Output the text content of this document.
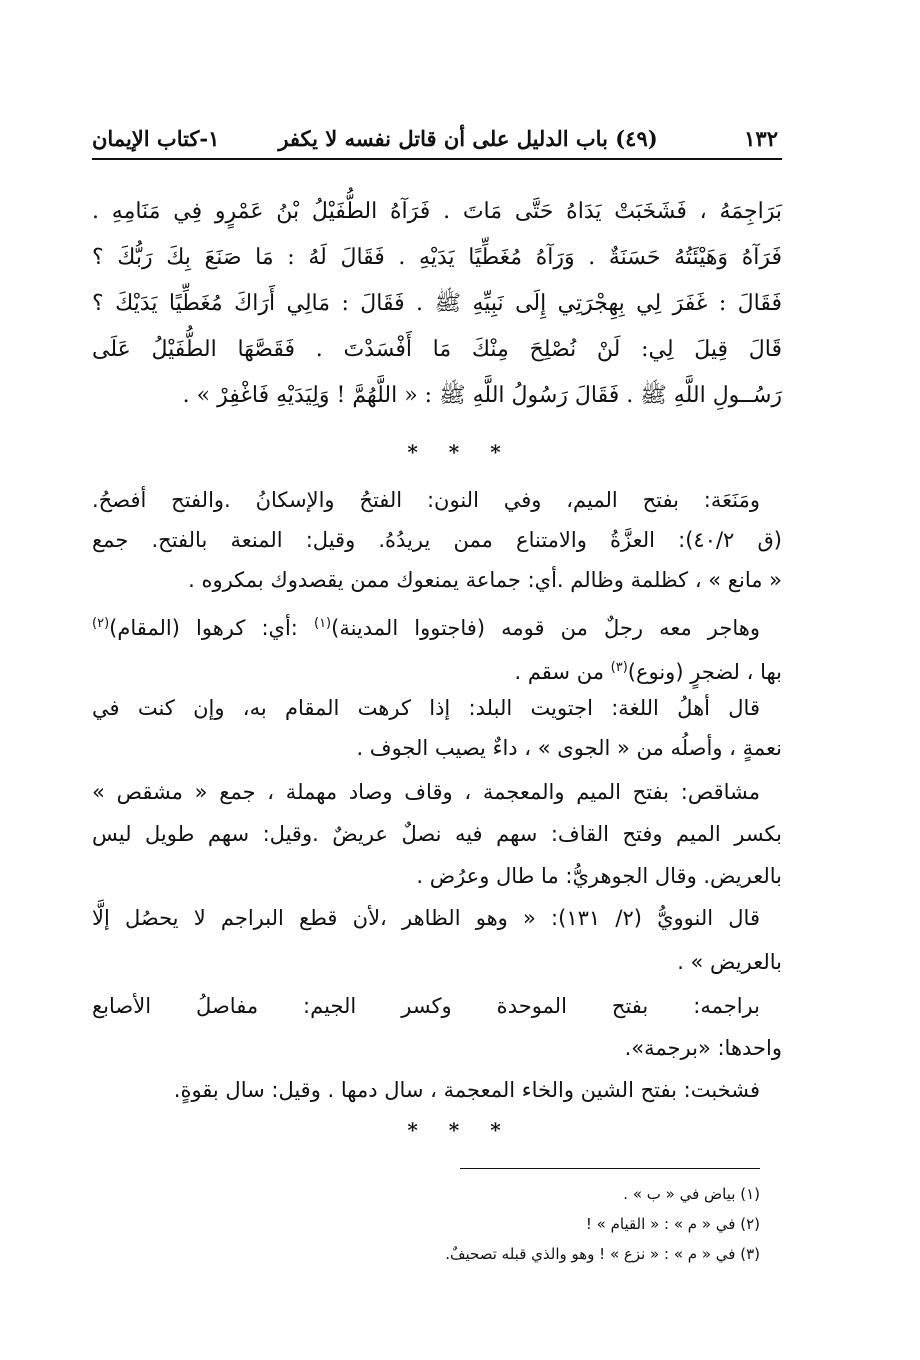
١٣٢
(٤٩) باب الدليل على أن قاتل نفسه لا يكفر
١-كتاب الإيمان
بَرَاجِمَهُ ، فَشَخَبَتْ يَدَاهُ حَتَّى مَاتَ . فَرَآهُ الطُّفَيْلُ بْنُ عَمْرٍو فِي مَنَامِهِ .
فَرَآهُ وَهَيْئَتُهُ حَسَنَةٌ . وَرَآهُ مُغَطِّيًا يَدَيْهِ . فَقَالَ لَهُ : مَا صَنَعَ بِكَ رَبُّكَ ؟
فَقَالَ : غَفَرَ لِي بِهِجْرَتِي إِلَى نَبِيِّهِ ﷺ . فَقَالَ : مَالِي أَرَاكَ مُغَطِّيًا يَدَيْكَ ؟
قَالَ قِيلَ لِي: لَنْ نُصْلِحَ مِنْكَ مَا أَفْسَدْتَ . فَقَصَّهَا الطُّفَيْلُ عَلَى
رَسُــولِ اللَّهِ ﷺ . فَقَالَ رَسُولُ اللَّهِ ﷺ : « اللَّهُمَّ ! وَلِيَدَيْهِ فَاغْفِرْ » .
* * *
ومَنَعَة: بفتح الميم، وفي النون: الفتحُ والإسكانُ .والفتح أفصحُ.
(ق ٤٠/٢): العزَّةُ والامتناع ممن يريدُهُ. وقيل: المنعة بالفتح. جمع
« مانع » ، كظلمة وظالم .أي: جماعة يمنعوك ممن يقصدوك بمكروه .
وهاجر معه رجلٌ من قومه (فاجتووا المدينة)$^{(١)}$ :أي: كرهوا (المقام)$^{(٢)}$
بها ، لضجرٍ (ونوع)$^{(٣)}$ من سقم .
قال أهلُ اللغة: اجتويت البلد: إذا كرهت المقام به، وإن كنت في
نعمةٍ ، وأصلُه من « الجوى » ، داءٌ يصيب الجوف .
مشاقص: بفتح الميم والمعجمة ، وقاف وصاد مهملة ، جمع « مشقص »
بكسر الميم وفتح القاف: سهم فيه نصلٌ عريضٌ .وقيل: سهم طويل ليس
بالعريض. وقال الجوهريُّ: ما طال وعرُض .
قال النوويُّ (٢/ ١٣١): « وهو الظاهر ،لأن قطع البراجم لا يحصُل إلَّا
بالعريض » .
براجمه: بفتح الموحدة وكسر الجيم: مفاصلُ الأصابع
واحدها: «برجمة».
فشخبت: بفتح الشين والخاء المعجمة ، سال دمها . وقيل: سال بقوةٍ.
* * *
(١) بياض في « ب » .
(٢) في « م » : « القيام » !
(٣) في « م » : « نزع » ! وهو والذي قبله تصحيفٌ.
